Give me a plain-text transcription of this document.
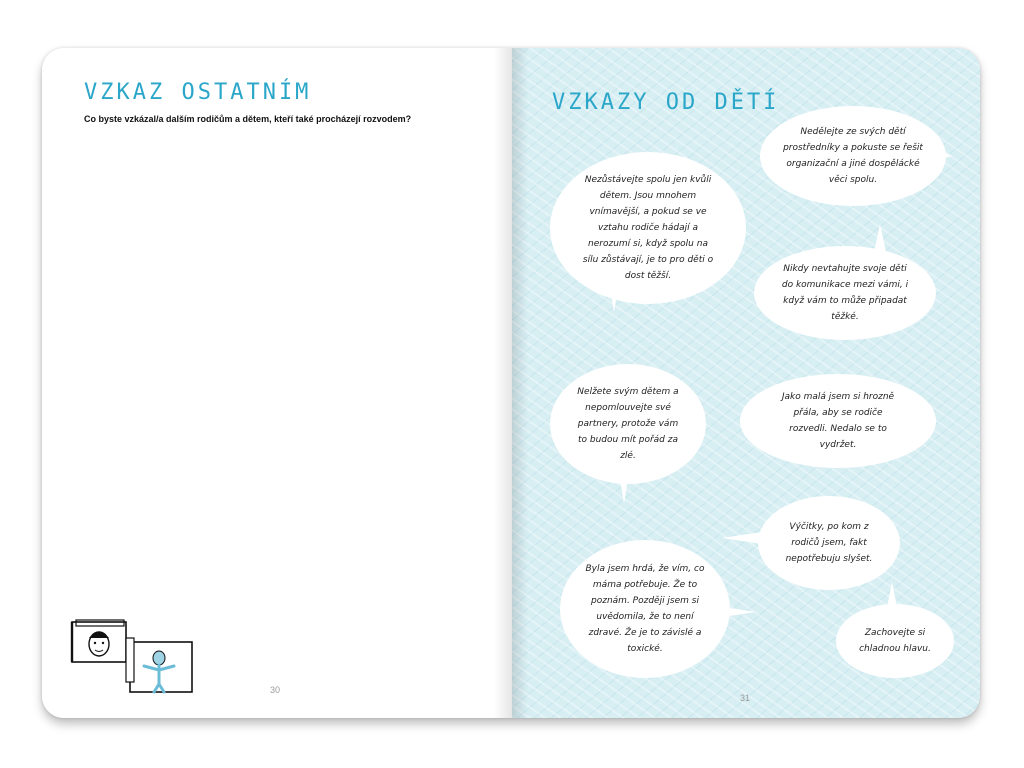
VZKAZ OSTATNÍM

Co byste vzkázal/a dalším rodičům a dětem, kteří také procházejí rozvodem?

30
VZKAZY OD DĚTÍ

Nedělejte ze svých dětí prostředníky a pokuste se řešit organizační a jiné dospělácké věci spolu.

Nezůstávejte spolu jen kvůli dětem. Jsou mnohem vnímavější, a pokud se ve vztahu rodiče hádají a nerozumí si, když spolu na sílu zůstávají, je to pro děti o dost těžší.

Nikdy nevtahujte svoje děti do komunikace mezi vámi, i když vám to může připadat těžké.

Nelžete svým dětem a nepomlouvejte své partnery, protože vám to budou mít pořád za zlé.

Jako malá jsem si hrozně přála, aby se rodiče rozvedli. Nedalo se to vydržet.

Výčitky, po kom z rodičů jsem, fakt nepotřebuju slyšet.

Byla jsem hrdá, že vím, co máma potřebuje. Že to poznám. Později jsem si uvědomila, že to není zdravé. Že je to závislé a toxické.

Zachovejte si chladnou hlavu.

31
